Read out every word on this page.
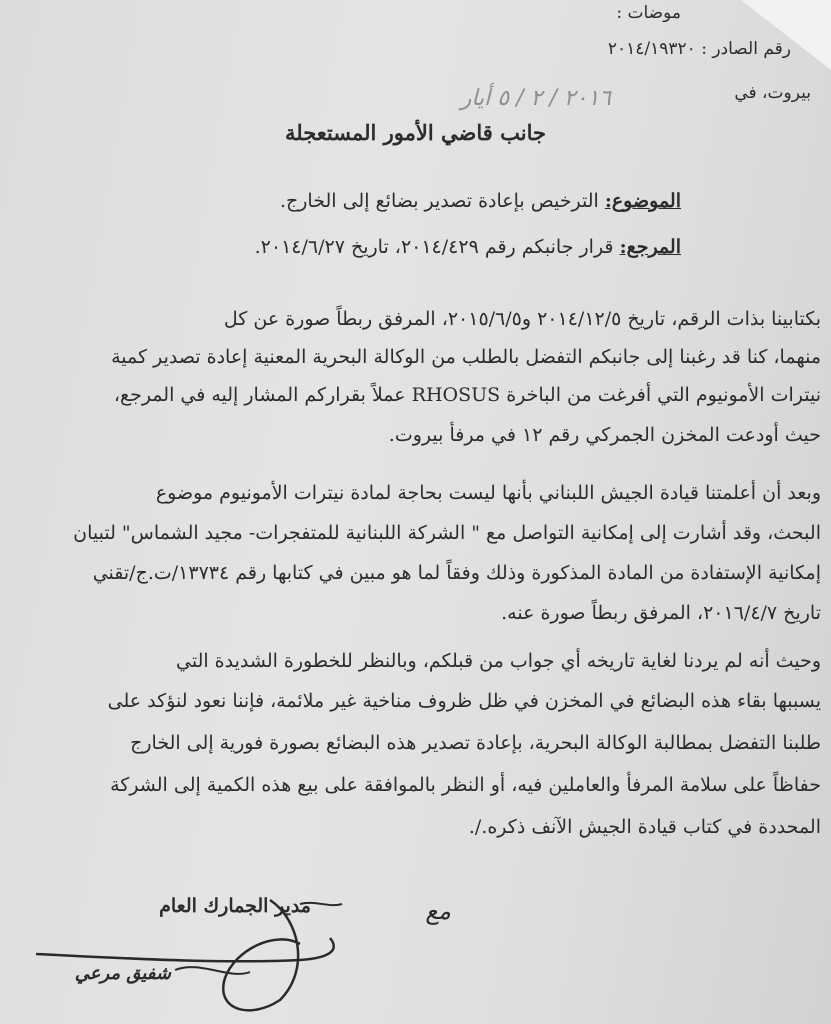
موضات :
رقم الصادر : ٢٠١٤/١٩٣٢٠
بيروت، في
٢٠١٦ / ٢ / ٥ أيار
جانب قاضي الأمور المستعجلة
الموضوع: الترخيص بإعادة تصدير بضائع إلى الخارج.
المرجع: قرار جانبكم رقم ٢٠١٤/٤٢٩، تاريخ ٢٠١٤/٦/٢٧.
بكتابينا بذات الرقم، تاريخ ٢٠١٤/١٢/٥ و٢٠١٥/٦/٥، المرفق ربطاً صورة عن كل
منهما، كنا قد رغبنا إلى جانبكم التفضل بالطلب من الوكالة البحرية المعنية إعادة تصدير كمية
نيترات الأمونيوم التي أفرغت من الباخرة RHOSUS عملاً بقراركم المشار إليه في المرجع،
حيث أودعت المخزن الجمركي رقم ١٢ في مرفأ بيروت.
وبعد أن أعلمتنا قيادة الجيش اللبناني بأنها ليست بحاجة لمادة نيترات الأمونيوم موضوع
البحث، وقد أشارت إلى إمكانية التواصل مع " الشركة اللبنانية للمتفجرات- مجيد الشماس" لتبيان
إمكانية الإستفادة من المادة المذكورة وذلك وفقاً لما هو مبين في كتابها رقم ١٣٧٣٤/ت.ج/تقني
تاريخ ٢٠١٦/٤/٧، المرفق ربطاً صورة عنه.
وحيث أنه لم يردنا لغاية تاريخه أي جواب من قبلكم، وبالنظر للخطورة الشديدة التي
يسببها بقاء هذه البضائع في المخزن في ظل ظروف مناخية غير ملائمة، فإننا نعود لنؤكد على
طلبنا التفضل بمطالبة الوكالة البحرية، بإعادة تصدير هذه البضائع بصورة فورية إلى الخارج
حفاظاً على سلامة المرفأ والعاملين فيه، أو النظر بالموافقة على بيع هذه الكمية إلى الشركة
المحددة في كتاب قيادة الجيش الآنف ذكره./.
مدير الجمارك العام
شفيق مرعي
مع
